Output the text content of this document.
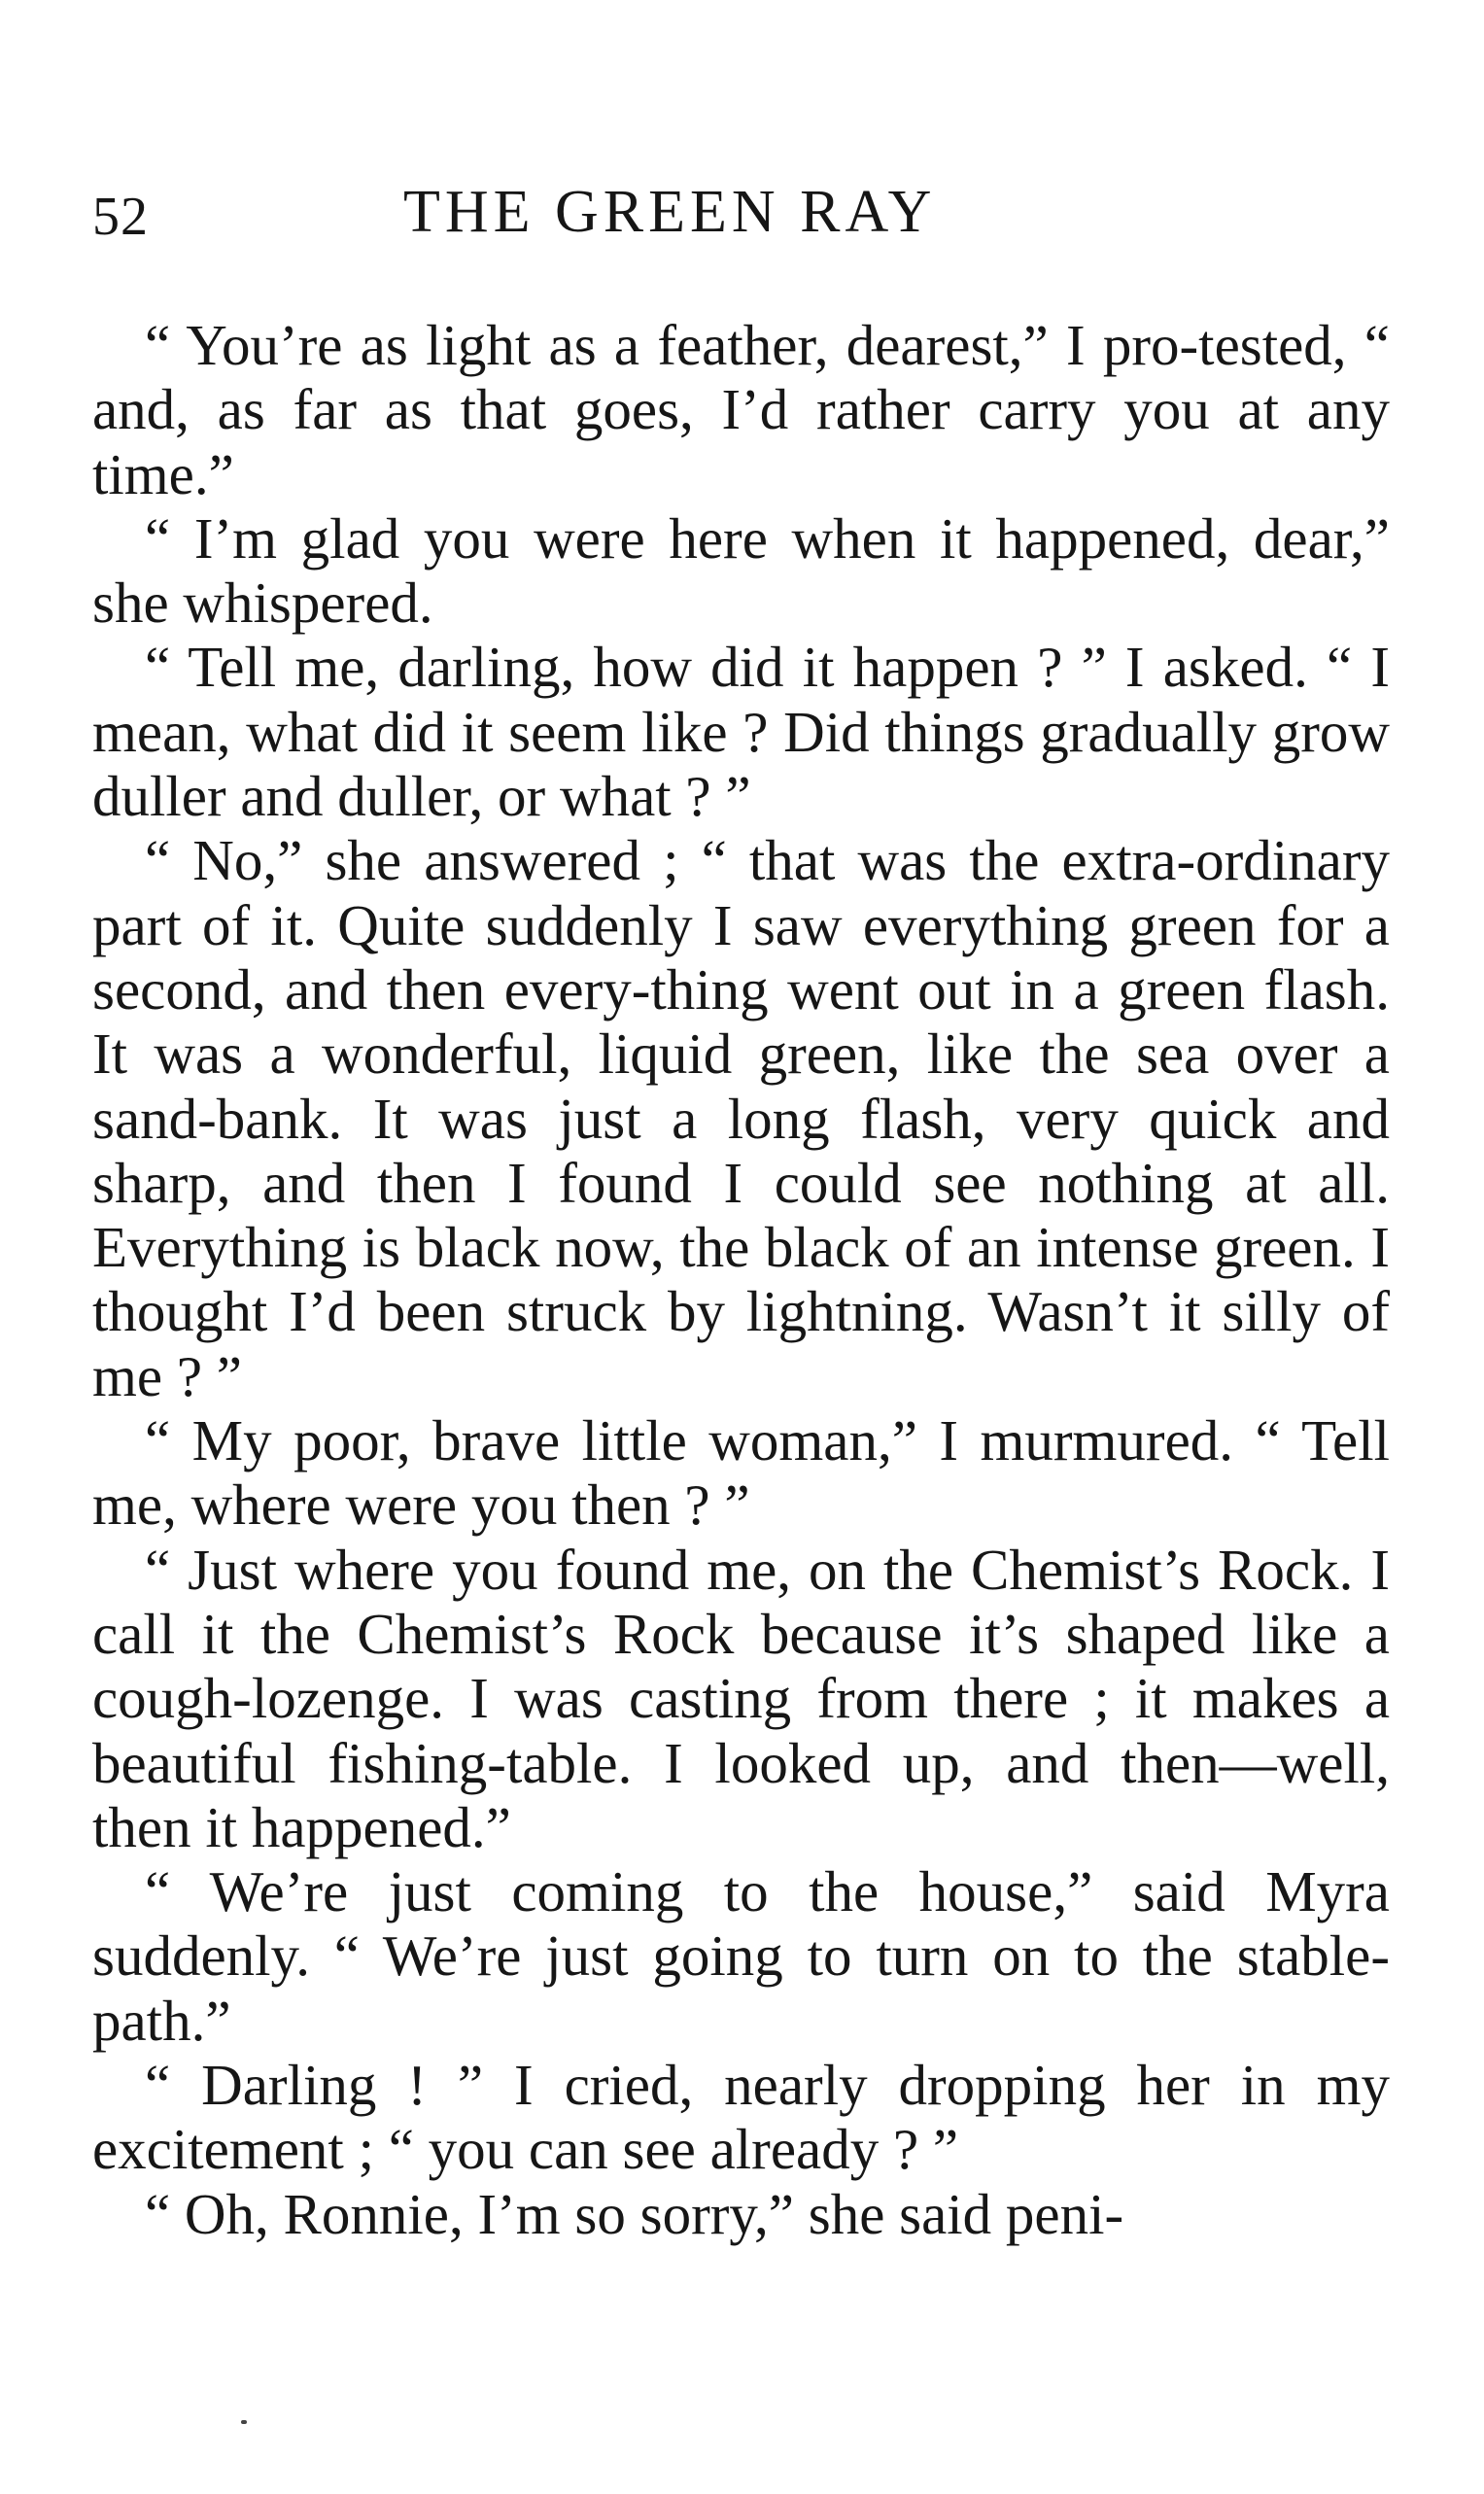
52	THE GREEN RAY

“ You’re as light as a feather, dearest,” I pro-tested, “ and, as far as that goes, I’d rather carry you at any time.”

“ I’m glad you were here when it happened, dear,” she whispered.

“ Tell me, darling, how did it happen ? ” I asked. “ I mean, what did it seem like ? Did things gradually grow duller and duller, or what ? ”

“ No,” she answered ; “ that was the extra-ordinary part of it. Quite suddenly I saw everything green for a second, and then every-thing went out in a green flash. It was a wonderful, liquid green, like the sea over a sand-bank. It was just a long flash, very quick and sharp, and then I found I could see nothing at all. Everything is black now, the black of an intense green. I thought I’d been struck by lightning. Wasn’t it silly of me ? ”

“ My poor, brave little woman,” I murmured. “ Tell me, where were you then ? ”

“ Just where you found me, on the Chemist’s Rock. I call it the Chemist’s Rock because it’s shaped like a cough-lozenge. I was casting from there ; it makes a beautiful fishing-table. I looked up, and then—well, then it happened.”

“ We’re just coming to the house,” said Myra suddenly. “ We’re just going to turn on to the stable-path.”

“ Darling ! ” I cried, nearly dropping her in my excitement ; “ you can see already ? ”

“ Oh, Ronnie, I’m so sorry,” she said peni-
